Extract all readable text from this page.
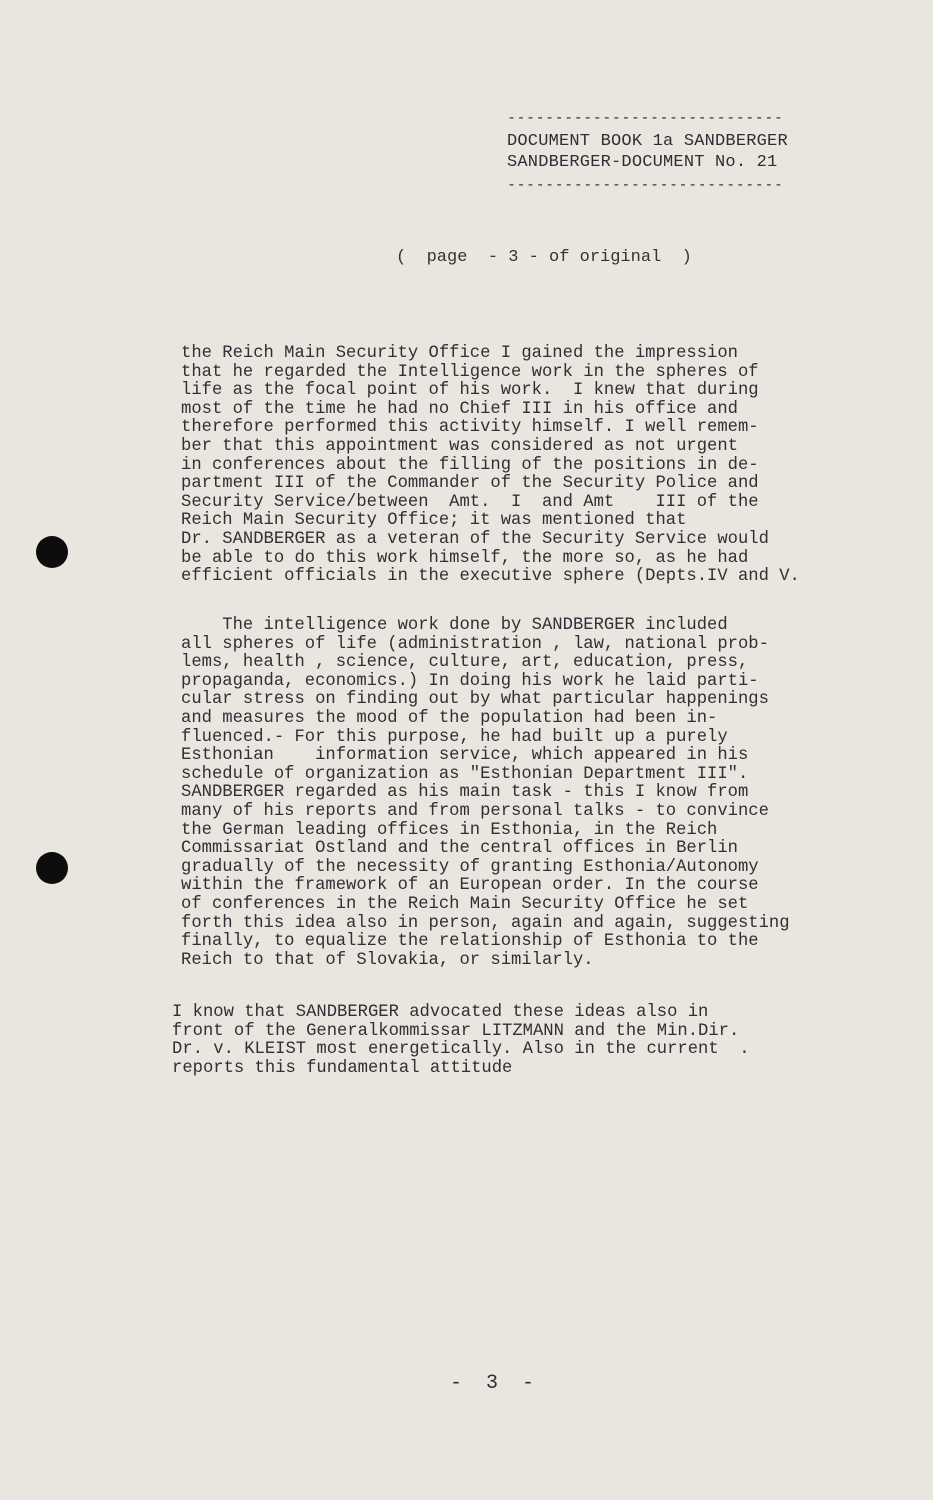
-----------------------------
DOCUMENT BOOK 1a SANDBERGER
SANDBERGER-DOCUMENT No. 21
-----------------------------
(  page  - 3 - of original  )
the Reich Main Security Office I gained the impression
that he regarded the Intelligence work in the spheres of
life as the focal point of his work.  I knew that during
most of the time he had no Chief III in his office and
therefore performed this activity himself. I well remem-
ber that this appointment was considered as not urgent
in conferences about the filling of the positions in de-
partment III of the Commander of the Security Police and
Security Service/between  Amt.  I  and Amt    III of the
Reich Main Security Office; it was mentioned that
Dr. SANDBERGER as a veteran of the Security Service would
be able to do this work himself, the more so, as he had
efficient officials in the executive sphere (Depts.IV and V.
The intelligence work done by SANDBERGER included
all spheres of life (administration , law, national prob-
lems, health , science, culture, art, education, press,
propaganda, economics.) In doing his work he laid parti-
cular stress on finding out by what particular happenings
and measures the mood of the population had been in-
fluenced.- For this purpose, he had built up a purely
Esthonian    information service, which appeared in his
schedule of organization as "Esthonian Department III".
SANDBERGER regarded as his main task - this I know from
many of his reports and from personal talks - to convince
the German leading offices in Esthonia, in the Reich
Commissariat Ostland and the central offices in Berlin
gradually of the necessity of granting Esthonia/Autonomy
within the framework of an European order. In the course
of conferences in the Reich Main Security Office he set
forth this idea also in person, again and again, suggesting
finally, to equalize the relationship of Esthonia to the
Reich to that of Slovakia, or similarly.
I know that SANDBERGER advocated these ideas also in
front of the Generalkommissar LITZMANN and the Min.Dir.
Dr. v. KLEIST most energetically. Also in the current  .
reports this fundamental attitude
-  3  -
